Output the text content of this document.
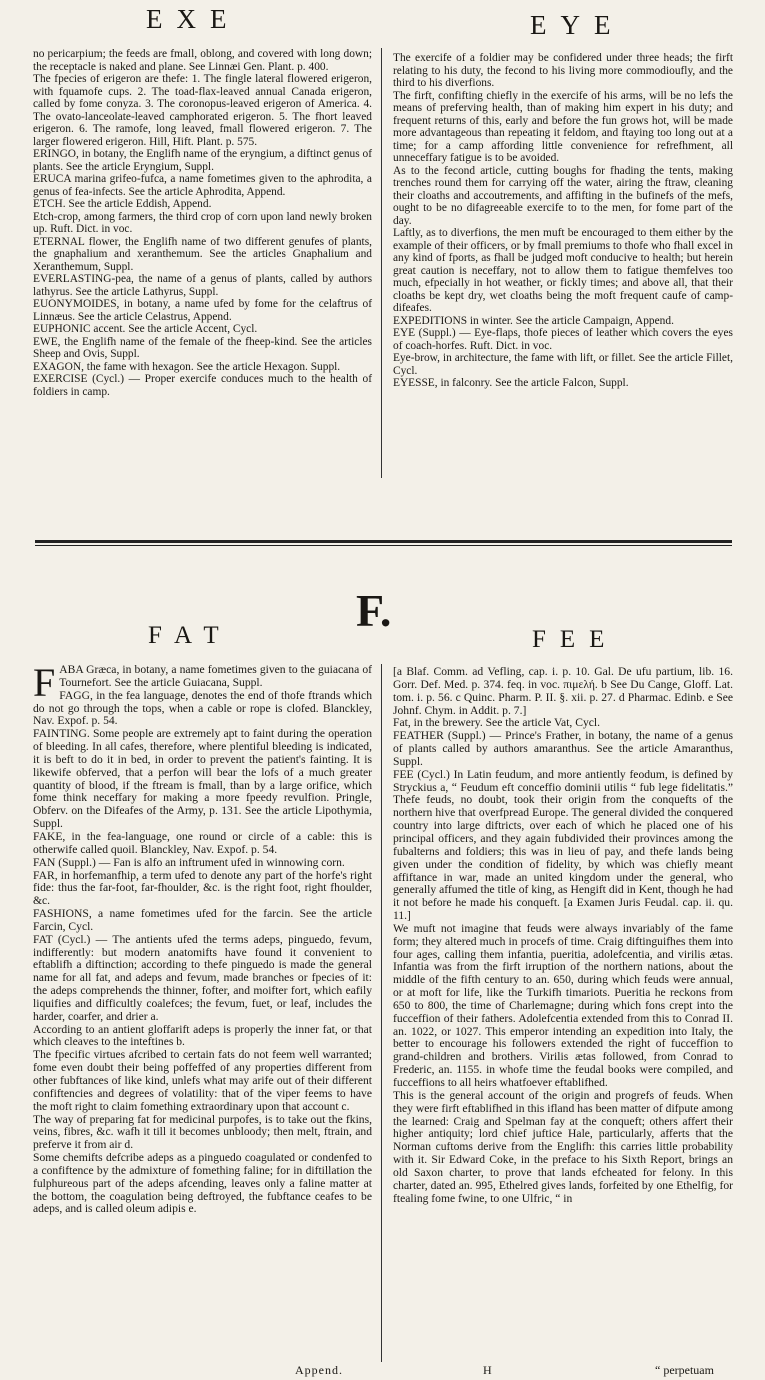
EXE	EYE

no pericarpium; the feeds are fmall, oblong, and covered with long down; the receptacle is naked and plane. See Linnæi Gen. Plant. p. 400.

The fpecies of erigeron are thefe: 1. The fingle lateral flowered erigeron, with fquamofe cups. 2. The toad-flax-leaved annual Canada erigeron, called by fome conyza. 3. The coronopus-leaved erigeron of America. 4. The ovato-lanceolate-leaved camphorated erigeron. 5. The fhort leaved erigeron. 6. The ramofe, long leaved, fmall flowered erigeron. 7. The larger flowered erigeron. Hill, Hift. Plant. p. 575.

ERINGO, in botany, the Englifh name of the eryngium, a diftinct genus of plants. See the article Eryngium, Suppl.

ERUCA marina grifeo-fufca, a name fometimes given to the aphrodita, a genus of fea-infects. See the article Aphrodita, Append.

ETCH. See the article Eddish, Append.

Etch-crop, among farmers, the third crop of corn upon land newly broken up. Ruft. Dict. in voc.

ETERNAL flower, the Englifh name of two different genufes of plants, the gnaphalium and xeranthemum. See the articles Gnaphalium and Xeranthemum, Suppl.

EVERLASTING-pea, the name of a genus of plants, called by authors lathyrus. See the article Lathyrus, Suppl.

EUONYMOIDES, in botany, a name ufed by fome for the celaftrus of Linnæus. See the article Celastrus, Append.

EUPHONIC accent. See the article Accent, Cycl.

EWE, the Englifh name of the female of the fheep-kind. See the articles Sheep and Ovis, Suppl.

EXAGON, the fame with hexagon. See the article Hexagon. Suppl.

EXERCISE (Cycl.) — Proper exercife conduces much to the health of foldiers in camp.

The exercife of a foldier may be confidered under three heads; the firft relating to his duty, the fecond to his living more commodioufly, and the third to his diverfions.

The firft, confifting chiefly in the exercife of his arms, will be no lefs the means of preferving health, than of making him expert in his duty; and frequent returns of this, early and before the fun grows hot, will be made more advantageous than repeating it feldom, and ftaying too long out at a time; for a camp affording little convenience for refrefhment, all unneceffary fatigue is to be avoided.

As to the fecond article, cutting boughs for fhading the tents, making trenches round them for carrying off the water, airing the ftraw, cleaning their cloaths and accoutrements, and affifting in the bufinefs of the mefs, ought to be no difagreeable exercife to to the men, for fome part of the day.

Laftly, as to diverfions, the men muft be encouraged to them either by the example of their officers, or by fmall premiums to thofe who fhall excel in any kind of fports, as fhall be judged moft conducive to health; but herein great caution is neceffary, not to allow them to fatigue themfelves too much, efpecially in hot weather, or fickly times; and above all, that their cloaths be kept dry, wet cloaths being the moft frequent caufe of camp-difeafes.

EXPEDITIONS in winter. See the article Campaign, Append.

EYE (Suppl.) — Eye-flaps, thofe pieces of leather which covers the eyes of coach-horfes. Ruft. Dict. in voc.

Eye-brow, in architecture, the fame with lift, or fillet. See the article Fillet, Cycl.

EYESSE, in falconry. See the article Falcon, Suppl.

F.
FAT	FEE

FABA Græca, in botany, a name fometimes given to the guiacana of Tournefort. See the article Guiacana, Suppl.

FAGG, in the fea language, denotes the end of thofe ftrands which do not go through the tops, when a cable or rope is clofed. Blanckley, Nav. Expof. p. 54.

FAINTING. Some people are extremely apt to faint during the operation of bleeding. In all cafes, therefore, where plentiful bleeding is indicated, it is beft to do it in bed, in order to prevent the patient's fainting. It is likewife obferved, that a perfon will bear the lofs of a much greater quantity of blood, if the ftream is fmall, than by a large orifice, which fome think neceffary for making a more fpeedy revulfion. Pringle, Obferv. on the Difeafes of the Army, p. 131. See the article Lipothymia, Suppl.

FAKE, in the fea-language, one round or circle of a cable: this is otherwife called quoil. Blanckley, Nav. Expof. p. 54.

FAN (Suppl.) — Fan is alfo an inftrument ufed in winnowing corn.

FAR, in horfemanfhip, a term ufed to denote any part of the horfe's right fide: thus the far-foot, far-fhoulder, &c. is the right foot, right fhoulder, &c.

FASHIONS, a name fometimes ufed for the farcin. See the article Farcin, Cycl.

FAT (Cycl.) — The antients ufed the terms adeps, pinguedo, fevum, indifferently: but modern anatomifts have found it convenient to eftablifh a diftinction; according to thefe pinguedo is made the general name for all fat, and adeps and fevum, made branches or fpecies of it: the adeps comprehends the thinner, fofter, and moifter fort, which eafily liquifies and difficultly coalefces; the fevum, fuet, or leaf, includes the harder, coarfer, and drier a.

According to an antient gloffarift adeps is properly the inner fat, or that which cleaves to the inteftines b.

The fpecific virtues afcribed to certain fats do not feem well warranted; fome even doubt their being poffeffed of any properties different from other fubftances of like kind, unlefs what may arife out of their different confiftencies and degrees of volatility: that of the viper feems to have the moft right to claim fomething extraordinary upon that account c.

The way of preparing fat for medicinal purpofes, is to take out the fkins, veins, fibres, &c. wafh it till it becomes unbloody; then melt, ftrain, and preferve it from air d.

Some chemifts defcribe adeps as a pinguedo coagulated or condenfed to a confiftence by the admixture of fomething faline; for in diftillation the fulphureous part of the adeps afcending, leaves only a faline matter at the bottom, the coagulation being deftroyed, the fubftance ceafes to be adeps, and is called oleum adipis e.

[a Blaf. Comm. ad Vefling, cap. i. p. 10. Gal. De ufu partium, lib. 16. Gorr. Def. Med. p. 374. feq. in voc. πιμελή. b See Du Cange, Gloff. Lat. tom. i. p. 56. c Quinc. Pharm. P. II. §. xii. p. 27. d Pharmac. Edinb. e See Johnf. Chym. in Addit. p. 7.]

Fat, in the brewery. See the article Vat, Cycl.

FEATHER (Suppl.) — Prince's Frather, in botany, the name of a genus of plants called by authors amaranthus. See the article Amaranthus, Suppl.

FEE (Cycl.) In Latin feudum, and more antiently feodum, is defined by Stryckius a, “ Feudum eft conceffio dominii utilis “ fub lege fidelitatis.” Thefe feuds, no doubt, took their origin from the conquefts of the northern hive that overfpread Europe. The general divided the conquered country into large diftricts, over each of which he placed one of his principal officers, and they again fubdivided their provinces among the fubalterns and foldiers; this was in lieu of pay, and thefe lands being given under the condition of fidelity, by which was chiefly meant affiftance in war, made an united kingdom under the general, who generally affumed the title of king, as Hengift did in Kent, though he had it not before he made his conqueft. [a Examen Juris Feudal. cap. ii. qu. 11.]

We muft not imagine that feuds were always invariably of the fame form; they altered much in procefs of time. Craig diftinguifhes them into four ages, calling them infantia, pueritia, adolefcentia, and virilis ætas. Infantia was from the firft irruption of the northern nations, about the middle of the fifth century to an. 650, during which feuds were annual, or at moft for life, like the Turkifh timariots. Pueritia he reckons from 650 to 800, the time of Charlemagne; during which fons crept into the fucceffion of their fathers. Adolefcentia extended from this to Conrad II. an. 1022, or 1027. This emperor intending an expedition into Italy, the better to encourage his followers extended the right of fucceffion to grand-children and brothers. Virilis ætas followed, from Conrad to Frederic, an. 1155. in whofe time the feudal books were compiled, and fucceffions to all heirs whatfoever eftablifhed.

This is the general account of the origin and progrefs of feuds. When they were firft eftablifhed in this ifland has been matter of difpute among the learned: Craig and Spelman fay at the conqueft; others affert their higher antiquity; lord chief juftice Hale, particularly, afferts that the Norman cuftoms derive from the Englifh: this carries little probability with it. Sir Edward Coke, in the preface to his Sixth Report, brings an old Saxon charter, to prove that lands efcheated for felony. In this charter, dated an. 995, Ethelred gives lands, forfeited by one Ethelfig, for ftealing fome fwine, to one Ulfric, “ in

Append.	H	“ perpetuam
